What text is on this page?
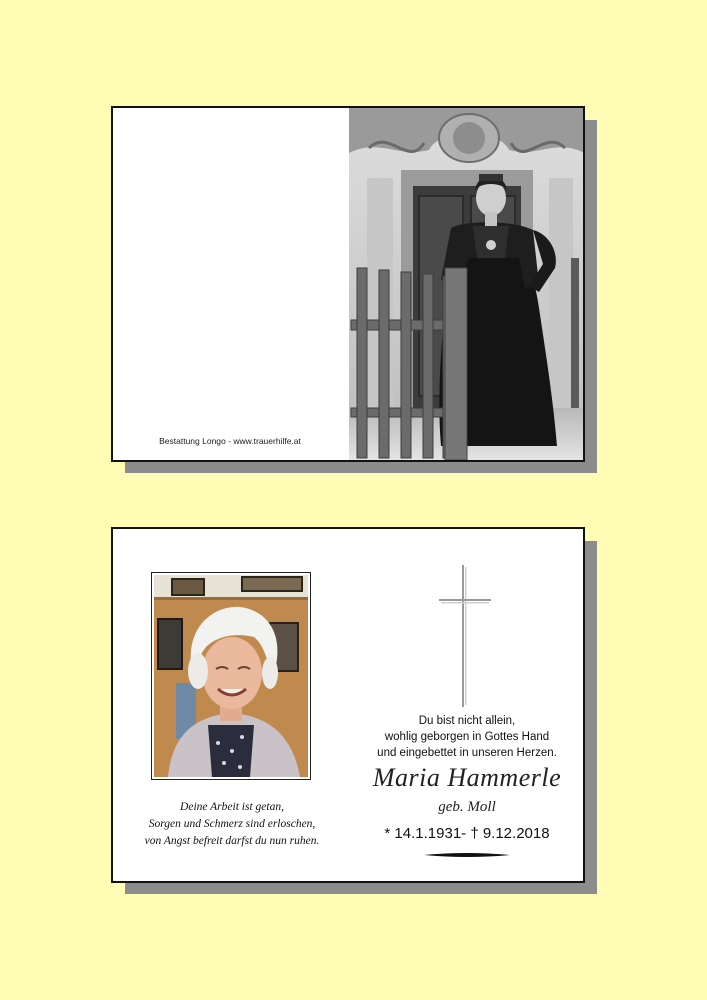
Bestattung Longo - www.trauerhilfe.at
Deine Arbeit ist getan,
Sorgen und Schmerz sind erloschen,
von Angst befreit darfst du nun ruhen.
Du bist nicht allein,
wohlig geborgen in Gottes Hand
und eingebettet in unseren Herzen.
Maria Hammerle
geb. Moll
* 14.1.1931- † 9.12.2018
